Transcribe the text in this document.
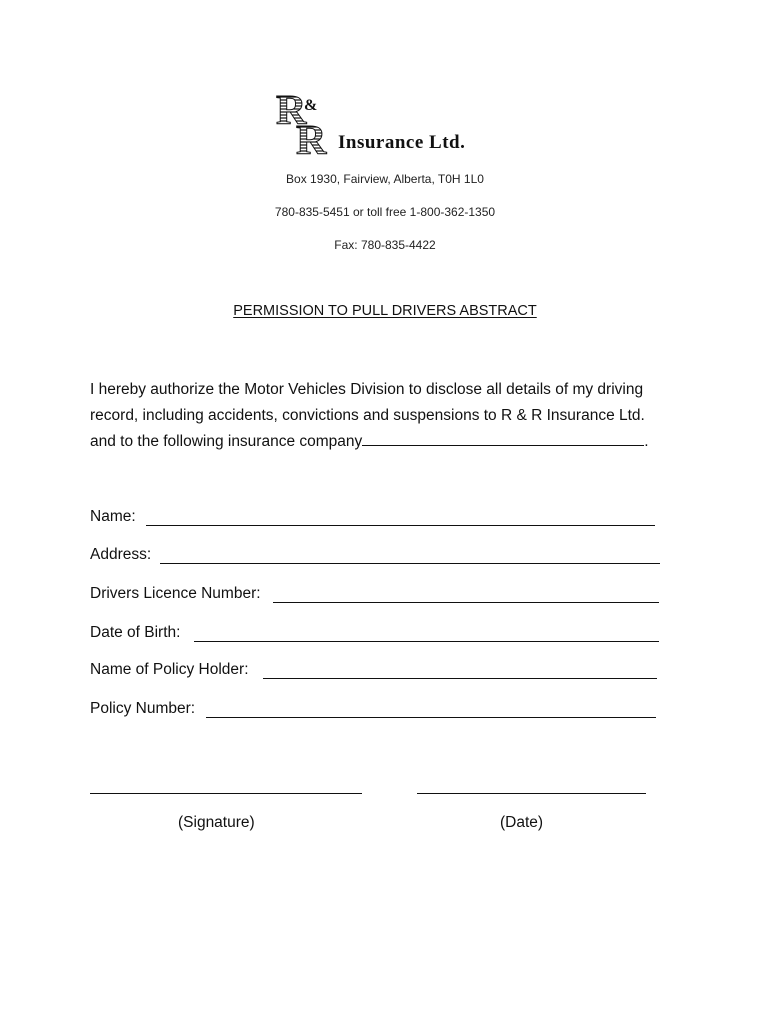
R
&
R Insurance Ltd.
Box 1930, Fairview, Alberta, T0H 1L0
780-835-5451 or toll free 1-800-362-1350
Fax: 780-835-4422
PERMISSION TO PULL DRIVERS ABSTRACT
I hereby authorize the Motor Vehicles Division to disclose all details of my driving
record, including accidents, convictions and suspensions to R & R Insurance Ltd.
and to the following insurance company	.
Name:
Address:
Drivers Licence Number:
Date of Birth:
Name of Policy Holder:
Policy Number:
(Signature)	(Date)
